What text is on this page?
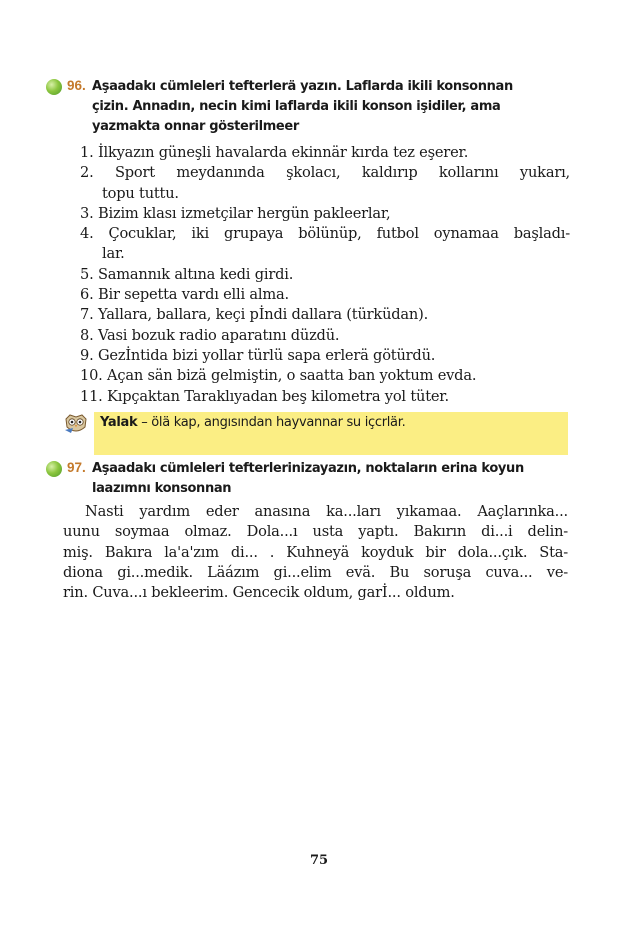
96. Aşaadakı cümleleri tefterlerä yazın. Laflarda ikili konsonnan
çizin. Annadın, necin kimi laflarda ikili konson işidiler, ama
yazmakta onnar gösterilmeer
1. İlkyazın güneşli havalarda ekinnär kırda tez eşerer.
2. Sport meydanında şkolacı, kaldırıp kollarını yukarı,
topu tuttu.
3. Bizim klası izmetçilar hergün pakleerlar,
4. Çocuklar, iki grupaya bölünüp, futbol oynamaa başladı-
lar.
5. Samannık altına kedi girdi.
6. Bir sepetta vardı elli alma.
7. Yallara, ballara, keçi pİndi dallara (türküdan).
8. Vasi bozuk radio aparatını düzdü.
9. Gezİntida bizi yollar türlü sapa erlerä götürdü.
10. Açan sän bizä gelmiştin, o saatta ban yoktum evda.
11. Kıpçaktan Taraklıyadan beş kilometra yol tüter.
Yalak – ölä kap, angısından hayvannar su içcrlär.
97. Aşaadakı cümleleri tefterlerinizayazın, noktaların erina koyun
laazımnı konsonnan
Nasti yardım eder anasına ka...ları yıkamaa. Aaçlarınka...
uunu soymaa olmaz. Dola...ı usta yaptı. Bakırın di...i delin-
miş. Bakıra la'a'zım di... . Kuhneyä koyduk bir dola...çık. Sta-
diona gi...medik. Läázım gi...elim evä. Bu soruşa cuva... ve-
rin. Cuva...ı bekleerim. Gencecik oldum, garİ... oldum.
75
